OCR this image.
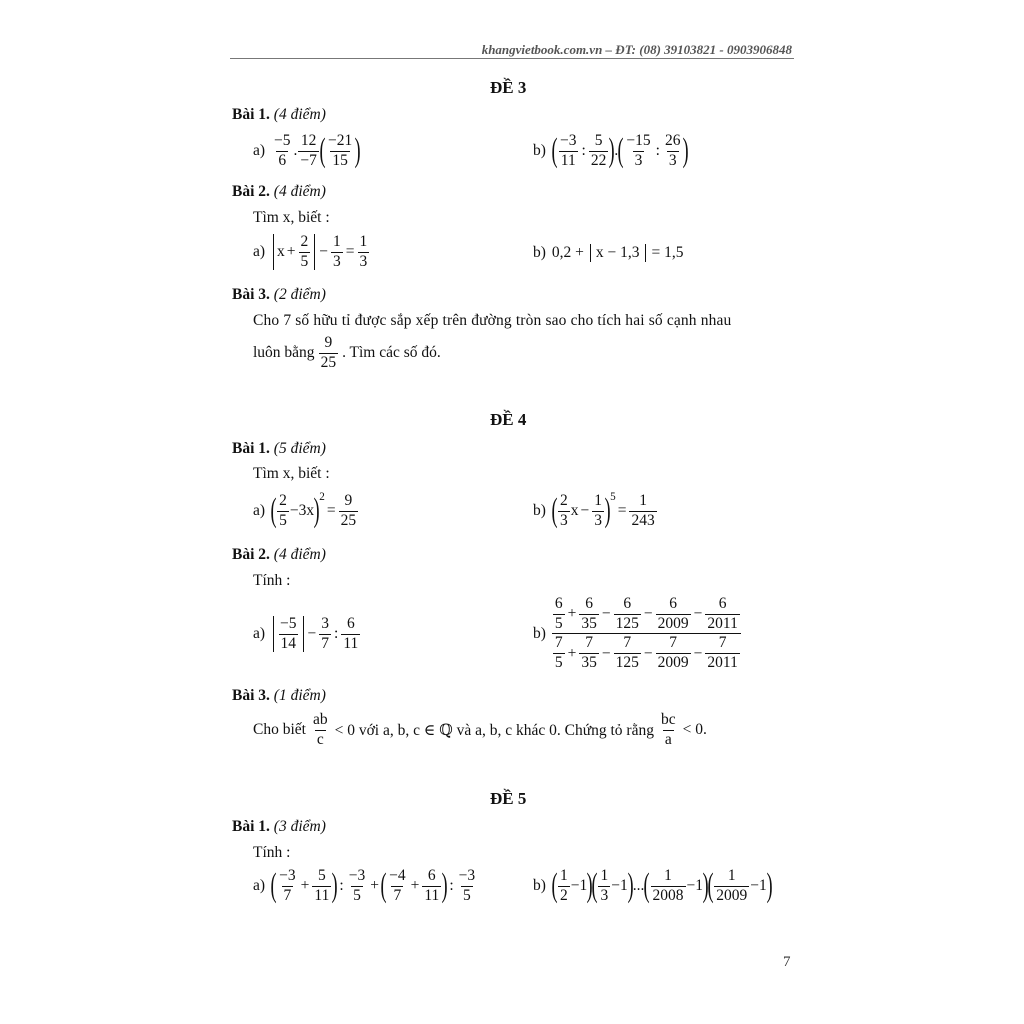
khangvietbook.com.vn – ĐT: (08) 39103821 - 0903906848
ĐỀ 3
Bài 1. (4 điểm)
$a) \frac{-5}{6}$ . $\frac{12}{-7}$ ( $\frac{-21}{15}$ )	b) ( $\frac{-3}{11}$ : $\frac{5}{22}$ ) . ( $\frac{-15}{3}$ : $\frac{26}{3}$ )
Bài 2. (4 điểm)
Tìm x, biết :
a) $x + \frac{2}{5} - \frac{1}{3} = \frac{1}{3}$	b) 0,2 + x − 1,3 = 1,5
Bài 3. (2 điểm)
Cho 7 số hữu tỉ được sắp xếp trên đường tròn sao cho tích hai số cạnh nhau
luôn bằng $\frac{9}{25}$ . Tìm các số đó.
ĐỀ 4
Bài 1. (5 điểm)
Tìm x, biết :
a) ( $\frac{2}{5} -3x$ ) 2
= $\frac{9}{25}$	b) ( $\frac{2}{3}$ $x - \frac{1}{3}$ ) 5
= $\frac{1}{243}$
Bài 2. (4 điểm)
Tính :
$a) \frac{-5}{14} - \frac{3}{7}$ : $\frac{6}{11}$	b)
$\frac{6}{5} + \frac{6}{35} - \frac{6}{125} - \frac{6}{2009} - \frac{6}{2011}$
$\frac{7}{5} + \frac{7}{35} - \frac{7}{125} - \frac{7}{2009} - \frac{7}{2011}$
Bài 3. (1 điểm)
Cho biết $\frac{ab}{c} < 0$ với a, b, c ∈ ℚ và a, b, c khác 0. Chứng tỏ rằng $\frac{bc}{a} < 0$.
ĐỀ 5
Bài 1. (3 điểm)
Tính :
a) ( $\frac{-3}{7} + \frac{5}{11}$ ) : $\frac{-3}{5}$ + ( $\frac{-4}{7} + \frac{6}{11}$ ) : $\frac{-3}{5}$	b) ( $\frac{1}{2} -1$ )
( $\frac{1}{3} -1$ ) ... ( $\frac{1}{2008} -1$ )
( $\frac{1}{2009} -1$ )
7
